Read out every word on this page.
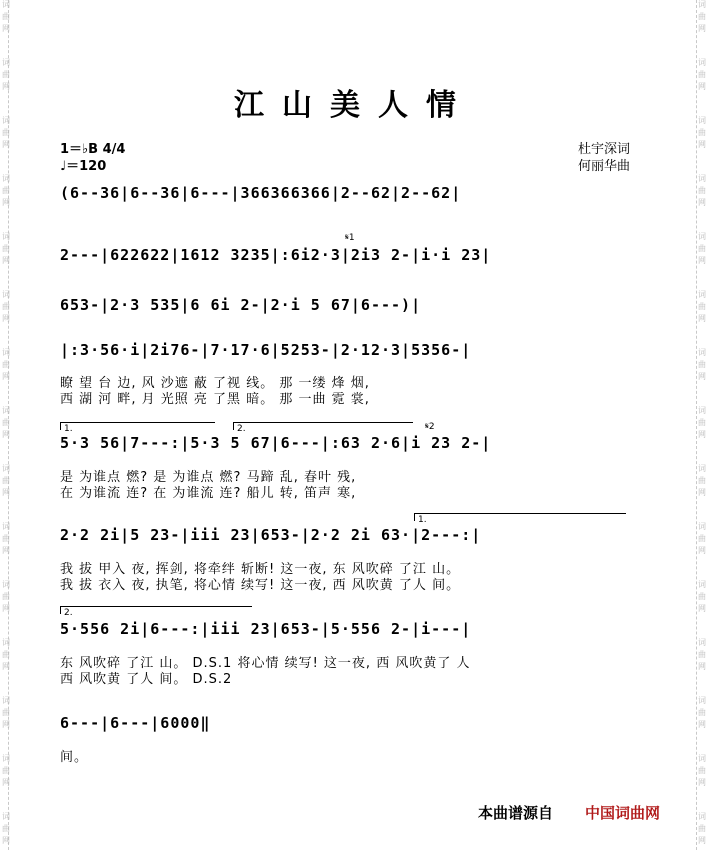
词
曲
网
词
曲
网
词
曲
网
词
曲
网
词
曲
网
词
曲
网
词
曲
网
词
曲
网
词
曲
网
词
曲
网
词
曲
网
词
曲
网
词
曲
网
词
曲
网
词
曲
网
词
曲
网
词
曲
网
词
曲
网
词
曲
网
词
曲
网
词
曲
网
词
曲
网
词
曲
网
词
曲
网
词
曲
网
词
曲
网
词
曲
网
词
曲
网
词
曲
网
词
曲
网
江山美人情
1＝♭B 4/4
♩＝120
杜宇深词
何丽华曲
(6--36|6--36|6---|366366366|2--62|2--62|
𝄋1
2---|622622|1612 3235|:6i2·3|2i3 2-|i·i 23|
653-|2·3 535|6 6i 2-|2·i 5 67|6---)|
|:3·56·i|2i76-|7·17·6|5253-|2·12·3|5356-|
瞭 望 台 边, 风 沙遮 蔽 了视 线。 那 一缕 烽 烟,
西 湖 河 畔, 月 光照 亮 了黑 暗。 那 一曲 霓 裳,
1.	2.	𝄋2
5·3 56|7---:|5·3 5 67|6---|:63 2·6|i 23 2-|
是 为谁点 燃? 是 为谁点 燃? 马蹄 乱, 春叶 残,
在 为谁流 连? 在 为谁流 连? 船儿 转, 笛声 寒,
1.
2·2 2i|5 23-|iii 23|653-|2·2 2i 63·|2---:|
我 拔 甲入 夜, 挥剑, 将牵绊 斩断! 这一夜, 东 风吹碎 了江 山。
我 拔 衣入 夜, 执笔, 将心情 续写! 这一夜, 西 风吹黄 了人 间。
2.
5·556 2i|6---:|iii 23|653-|5·556 2-|i---|
东 风吹碎 了江 山。 D.S.1 将心情 续写! 这一夜, 西 风吹黄了 人
西 风吹黄 了人 间。 D.S.2
6---|6---|6000‖
间。
本曲谱源自 中国词曲网
